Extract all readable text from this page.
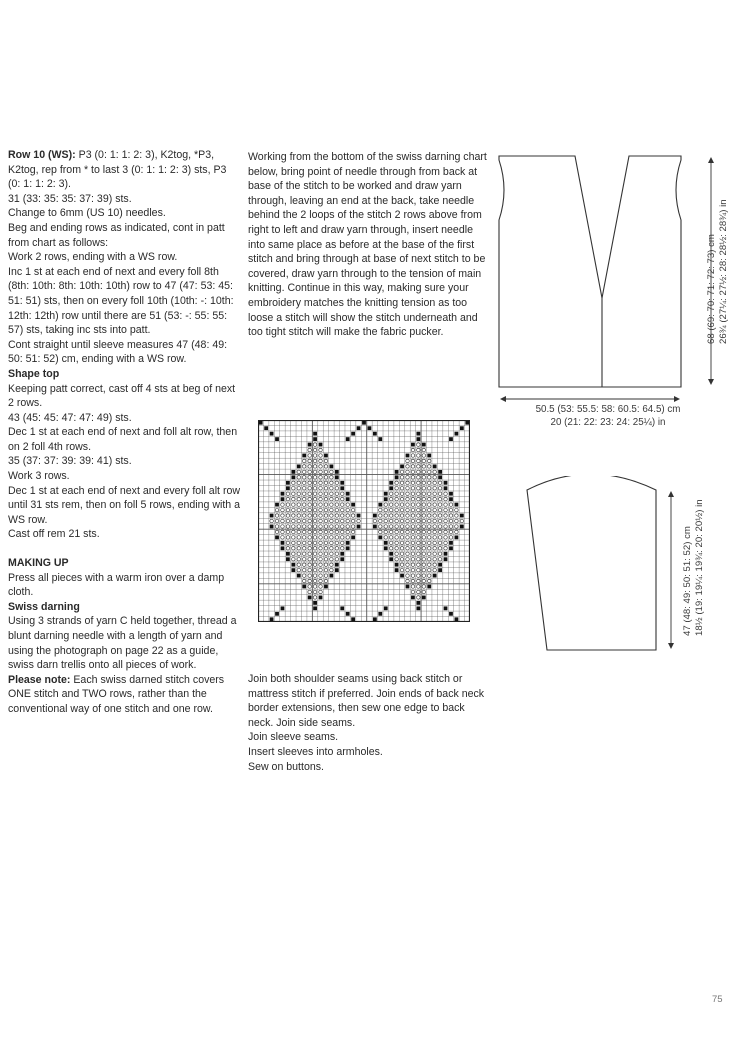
Row 10 (WS): P3 (0: 1: 1: 2: 3), K2tog, *P3, K2tog, rep from * to last 3 (0: 1: 1: 2: 3) sts, P3 (0: 1: 1: 2: 3).

31 (33: 35: 35: 37: 39) sts.

Change to 6mm (US 10) needles.

Beg and ending rows as indicated, cont in patt from chart as follows:

Work 2 rows, ending with a WS row.

Inc 1 st at each end of next and every foll 8th (8th: 10th: 8th: 10th: 10th) row to 47 (47: 53: 45: 51: 51) sts, then on every foll 10th (10th: -: 10th: 12th: 12th) row until there are 51 (53: -: 55: 55: 57) sts, taking inc sts into patt.

Cont straight until sleeve measures 47 (48: 49: 50: 51: 52) cm, ending with a WS row.

Shape top

Keeping patt correct, cast off 4 sts at beg of next 2 rows.

43 (45: 45: 47: 47: 49) sts.

Dec 1 st at each end of next and foll alt row, then on 2 foll 4th rows.

35 (37: 37: 39: 39: 41) sts.

Work 3 rows.

Dec 1 st at each end of next and every foll alt row until 31 sts rem, then on foll 5 rows, ending with a WS row.

Cast off rem 21 sts.

MAKING UP

Press all pieces with a warm iron over a damp cloth.

Swiss darning

Using 3 strands of yarn C held together, thread a blunt darning needle with a length of yarn and using the photograph on page 22 as a guide, swiss darn trellis onto all pieces of work.

Please note: Each swiss darned stitch covers ONE stitch and TWO rows, rather than the conventional way of one stitch and one row.

Working from the bottom of the swiss darning chart below, bring point of needle through from back at base of the stitch to be worked and draw yarn through, leaving an end at the back, take needle behind the 2 loops of the stitch 2 rows above from right to left and draw yarn through, insert needle into same place as before at the base of the first stitch and bring through at base of next stitch to be covered, draw yarn through to the tension of main knitting. Continue in this way, making sure your embroidery matches the knitting tension as too loose a stitch will show the stitch underneath and too tight stitch will make the fabric pucker.

Join both shoulder seams using back stitch or mattress stitch if preferred. Join ends of back neck border extensions, then sew one edge to back neck. Join side seams.

Join sleeve seams.

Insert sleeves into armholes.

Sew on buttons.

68 (69: 70: 71: 72: 73) cm 26¾ (27¼: 27½: 28: 28½: 28¾) in
50.5 (53: 55.5: 58: 60.5: 64.5) cm
20 (21: 22: 23: 24: 25¼) in
47 (48: 49: 50: 51: 52) cm 18½ (19: 19¼: 19¾: 20: 20½) in
75
